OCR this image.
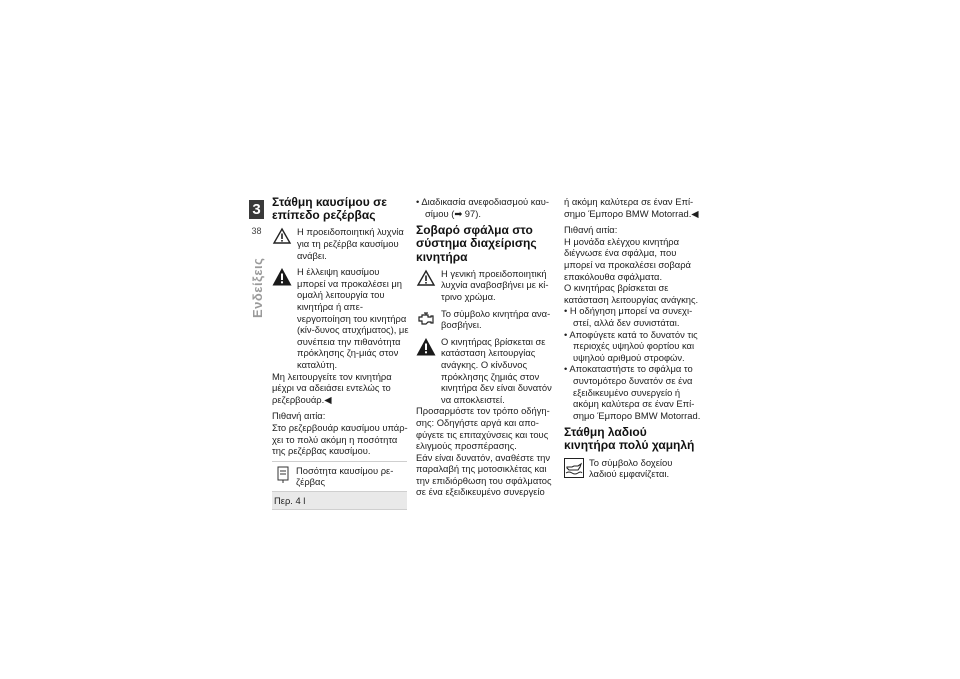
3
38
Ενδείξεις
Στάθμη καυσίμου σε επίπεδο ρεζέρβας

Η προειδοποιητική λυχνία για τη ρεζέρβα καυσίμου ανάβει.

Η έλλειψη καυσίμου μπορεί να προκαλέσει μη ομαλή λειτουργία του κινητήρα ή απε-νεργοποίηση του κινητήρα (κίν-δυνος ατυχήματος), με συνέπεια την πιθανότητα πρόκλησης ζη-μιάς στον καταλύτη.

Μη λειτουργείτε τον κινητήρα μέχρι να αδειάσει εντελώς το ρεζερβουάρ.◀

Πιθανή αιτία:

Στο ρεζερβουάρ καυσίμου υπάρ-χει το πολύ ακόμη η ποσότητα της ρεζέρβας καυσίμου.

Ποσότητα καυσίμου ρε-ζέρβας

Περ. 4 l

• Διαδικασία ανεφοδιασμού καυ-σίμου (➡ 97).

Σοβαρό σφάλμα στο σύστημα διαχείρισης κινητήρα

Η γενική προειδοποιητική λυχνία αναβοσβήνει με κί-τρινο χρώμα.

Το σύμβολο κινητήρα ανα-βοσβήνει.

Ο κινητήρας βρίσκεται σε κατάσταση λειτουργίας ανάγκης. Ο κίνδυνος πρόκλησης ζημιάς στον κινητήρα δεν είναι δυνατόν να αποκλειστεί.

Προσαρμόστε τον τρόπο οδήγη-σης: Οδηγήστε αργά και απο-φύγετε τις επιταχύνσεις και τους ελιγμούς προσπέρασης.

Εάν είναι δυνατόν, αναθέστε την παραλαβή της μοτοσικλέτας και την επιδιόρθωση του σφάλματος σε ένα εξειδικευμένο συνεργείο

ή ακόμη καλύτερα σε έναν Επί-σημο Έμπορο BMW Motorrad.◀

Πιθανή αιτία:

Η μονάδα ελέγχου κινητήρα διέγνωσε ένα σφάλμα, που μπορεί να προκαλέσει σοβαρά επακόλουθα σφάλματα.

Ο κινητήρας βρίσκεται σε κατάσταση λειτουργίας ανάγκης.

• Η οδήγηση μπορεί να συνεχι-στεί, αλλά δεν συνιστάται.

• Αποφύγετε κατά το δυνατόν τις περιοχές υψηλού φορτίου και υψηλού αριθμού στροφών.

• Αποκαταστήστε το σφάλμα το συντομότερο δυνατόν σε ένα εξειδικευμένο συνεργείο ή ακόμη καλύτερα σε έναν Επί-σημο Έμπορο BMW Motorrad.

Στάθμη λαδιού κινητήρα πολύ χαμηλή

Το σύμβολο δοχείου λαδιού εμφανίζεται.
